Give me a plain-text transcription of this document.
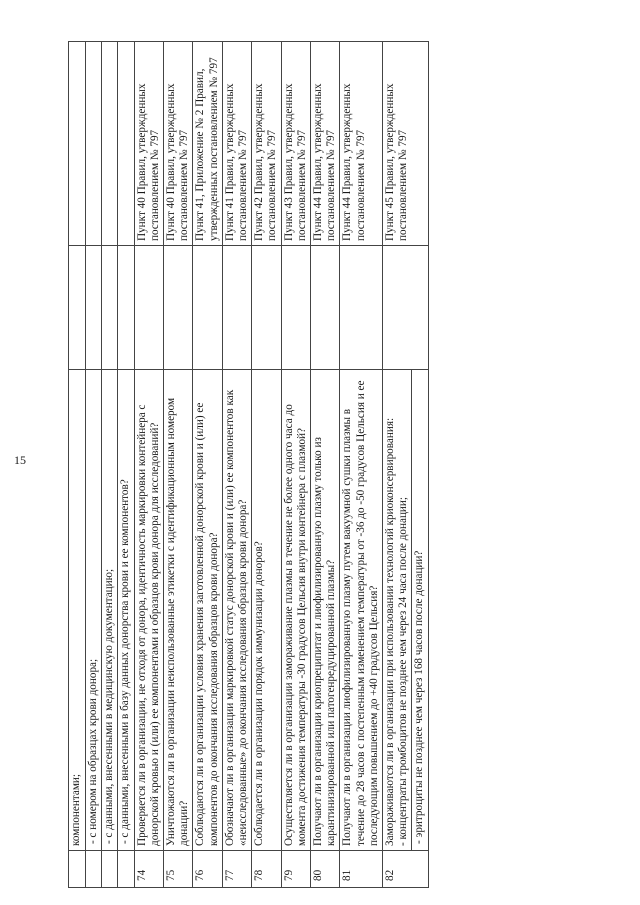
15
	компонентами;		
	- с номером на образцах крови донора;		
	- с данными, внесенными в медицинскую документацию;		
	- с данными, внесенными в базу данных донорства крови и ее компонентов?		
74	Проверяется ли в организации, не отходя от донора, идентичность маркировки контейнера с донорской кровью и (или) ее компонентами и образцов крови донора для исследований?		Пункт 40 Правил, утвержденных постановлением № 797
75	Уничтожаются ли в организации неиспользованные этикетки с идентификационным номером донации?		Пункт 40 Правил, утвержденных постановлением № 797
76	Соблюдаются ли в организации условия хранения заготовленной донорской крови и (или) ее компонентов до окончания исследования образцов крови донора?		Пункт 41, Приложение № 2 Правил, утвержденных постановлением № 797
77	Обозначают ли в организации маркировкой статус донорской крови и (или) ее компонентов как «неисследованные» до окончания исследования образцов крови донора?		Пункт 41 Правил, утвержденных постановлением № 797
78	Соблюдается ли в организации порядок иммунизации доноров?		Пункт 42 Правил, утвержденных постановлением № 797
79	Осуществляется ли в организации замораживание плазмы в течение не более одного часа до момента достижения температуры -30 градусов Цельсия внутри контейнера с плазмой?		Пункт 43 Правил, утвержденных постановлением № 797
80	Получают ли в организации криопреципитат и лиофилизированную плазму только из карантинизированной или патогенредуцированной плазмы?		Пункт 44 Правил, утвержденных постановлением № 797
81	Получают ли в организации лиофилизированную плазму путем вакуумной сушки плазмы в течение до 28 часов с постепенным изменением температуры от -36 до -50 градусов Цельсия и ее последующим повышением до +40 градусов Цельсия?		Пункт 44 Правил, утвержденных постановлением № 797
82	Замораживаются ли в организации при использовании технологий криоконсервирования: - концентраты тромбоцитов не позднее чем через 24 часа после донации;		Пункт 45 Правил, утвержденных постановлением № 797
	- эритроциты не позднее чем через 168 часов после донации?		
